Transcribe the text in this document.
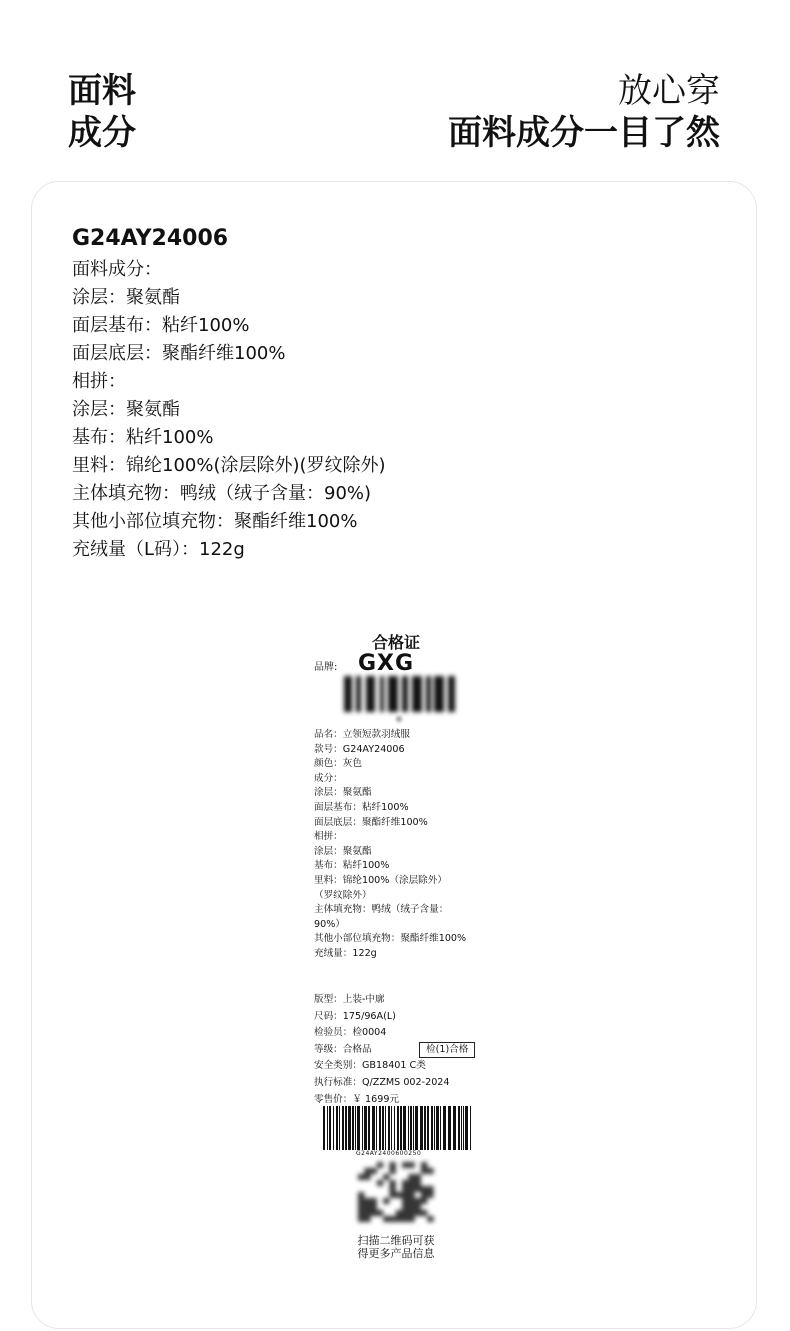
面料
成分
放心穿
面料成分一目了然
G24AY24006
面料成分：
涂层：聚氨酯
面层基布：粘纤100%
面层底层：聚酯纤维100%
相拼：
涂层：聚氨酯
基布：粘纤100%
里料：锦纶100%(涂层除外)(罗纹除外)
主体填充物：鸭绒（绒子含量：90%)
其他小部位填充物：聚酯纤维100%
充绒量（L码）：122g
合格证
品牌: GXG
品名：立领短款羽绒服
款号：G24AY24006
颜色：灰色
成分：
涂层：聚氨酯
面层基布：粘纤100%
面层底层：聚酯纤维100%
相拼：
涂层：聚氨酯
基布：粘纤100%
里料：锦纶100%（涂层除外）
（罗纹除外）
主体填充物：鸭绒（绒子含量：
90%）
其他小部位填充物：聚酯纤维100%
充绒量：122g
版型：上装-中廓
尺码：175/96A(L)
检验员：检0004
等级：合格品
安全类别：GB18401 C类
执行标准：Q/ZZMS 002-2024
零售价：￥ 1699元
检(1)合格
G24AY2400600250
扫描二维码可获
得更多产品信息
